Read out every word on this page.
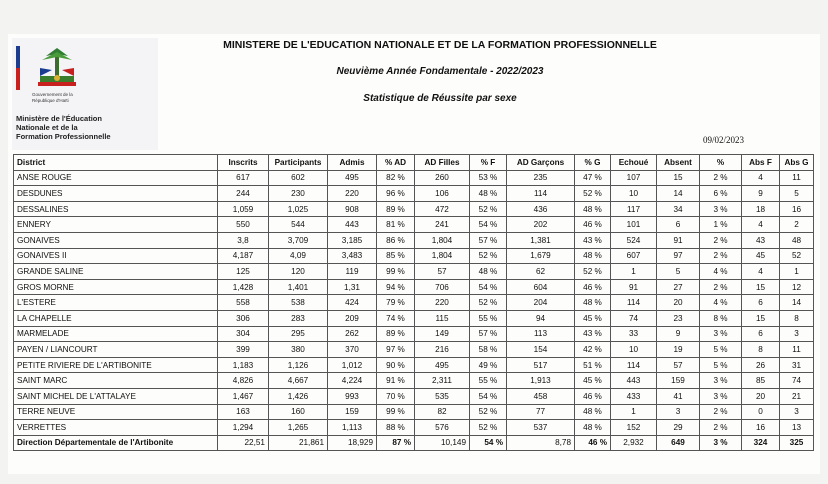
Gouvernement de la
République d'Haïti
Ministère de l'Éducation
Nationale et de la
Formation Professionnelle
MINISTERE DE L'EDUCATION NATIONALE ET DE LA FORMATION PROFESSIONNELLE
Neuvième Année Fondamentale - 2022/2023
Statistique de Réussite par sexe
09/02/2023
District	Inscrits	Participants	Admis	% AD	AD Filles	% F	AD Garçons	% G	Echoué	Absent	%	Abs F	Abs G
ANSE ROUGE	617	602	495	82 %	260	53 %	235	47 %	107	15	2 %	4	11
DESDUNES	244	230	220	96 %	106	48 %	114	52 %	10	14	6 %	9	5
DESSALINES	1,059	1,025	908	89 %	472	52 %	436	48 %	117	34	3 %	18	16
ENNERY	550	544	443	81 %	241	54 %	202	46 %	101	6	1 %	4	2
GONAIVES	3,8	3,709	3,185	86 %	1,804	57 %	1,381	43 %	524	91	2 %	43	48
GONAIVES II	4,187	4,09	3,483	85 %	1,804	52 %	1,679	48 %	607	97	2 %	45	52
GRANDE SALINE	125	120	119	99 %	57	48 %	62	52 %	1	5	4 %	4	1
GROS MORNE	1,428	1,401	1,31	94 %	706	54 %	604	46 %	91	27	2 %	15	12
L'ESTERE	558	538	424	79 %	220	52 %	204	48 %	114	20	4 %	6	14
LA CHAPELLE	306	283	209	74 %	115	55 %	94	45 %	74	23	8 %	15	8
MARMELADE	304	295	262	89 %	149	57 %	113	43 %	33	9	3 %	6	3
PAYEN / LIANCOURT	399	380	370	97 %	216	58 %	154	42 %	10	19	5 %	8	11
PETITE RIVIERE DE L'ARTIBONITE	1,183	1,126	1,012	90 %	495	49 %	517	51 %	114	57	5 %	26	31
SAINT MARC	4,826	4,667	4,224	91 %	2,311	55 %	1,913	45 %	443	159	3 %	85	74
SAINT MICHEL DE L'ATTALAYE	1,467	1,426	993	70 %	535	54 %	458	46 %	433	41	3 %	20	21
TERRE NEUVE	163	160	159	99 %	82	52 %	77	48 %	1	3	2 %	0	3
VERRETTES	1,294	1,265	1,113	88 %	576	52 %	537	48 %	152	29	2 %	16	13
Direction Départementale de l'Artibonite	22,51	21,861	18,929	87 %	10,149	54 %	8,78	46 %	2,932	649	3 %	324	325
